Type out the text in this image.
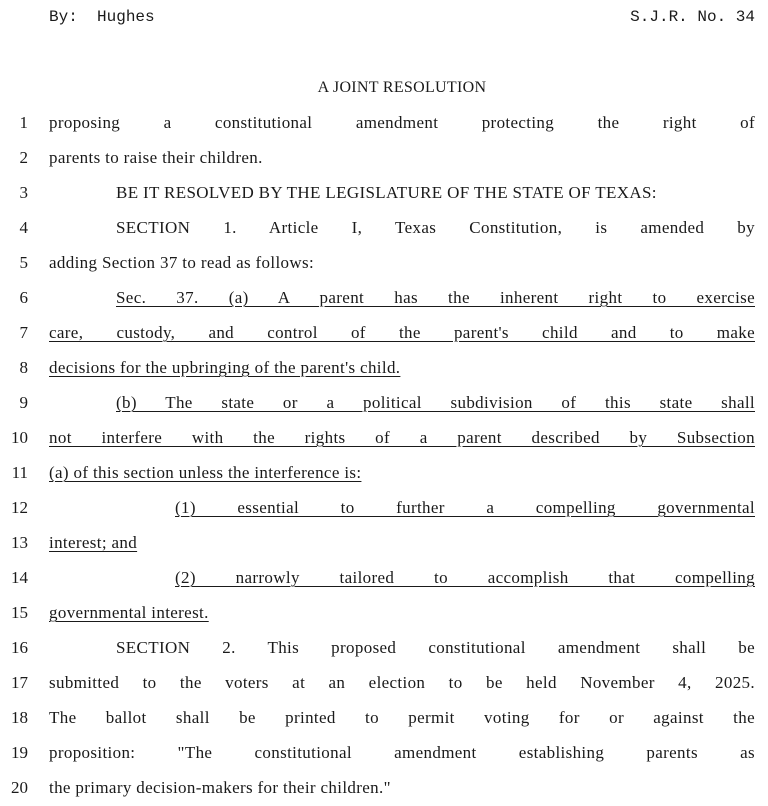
By: Hughes	S.J.R. No. 34
A JOINT RESOLUTION
1 proposing a constitutional amendment protecting the right of
2 parents to raise their children.
3	BE IT RESOLVED BY THE LEGISLATURE OF THE STATE OF TEXAS:
4	SECTION 1. Article I, Texas Constitution, is amended by
5 adding Section 37 to read as follows:
6	Sec. 37. (a) A parent has the inherent right to exercise
7 care, custody, and control of the parent's child and to make
8 decisions for the upbringing of the parent's child.
9	(b) The state or a political subdivision of this state shall
10 not interfere with the rights of a parent described by Subsection
11 (a) of this section unless the interference is:
12	(1) essential to further a compelling governmental
13 interest; and
14	(2) narrowly tailored to accomplish that compelling
15 governmental interest.
16	SECTION 2. This proposed constitutional amendment shall be
17 submitted to the voters at an election to be held November 4, 2025.
18 The ballot shall be printed to permit voting for or against the
19 proposition: "The constitutional amendment establishing parents as
20 the primary decision-makers for their children."
